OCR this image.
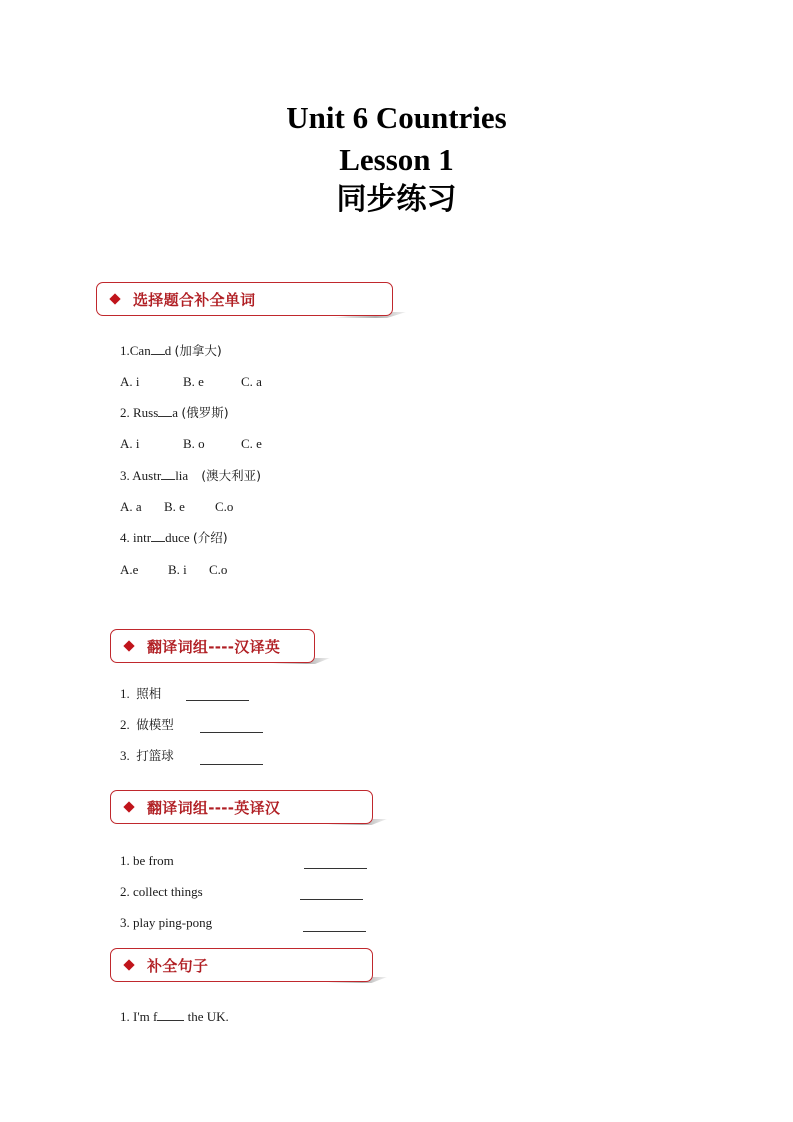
Unit 6 Countries
Lesson 1
同步练习
选择题合补全单词
1.Can d (加拿大)
A. i	B. e	C. a
2. Russ a (俄罗斯)
A. i	B. o	C. e
3. Austr lia (澳大利亚)
A. a B. e C.o
4. intr duce (介绍)
A.e B. i C.o
翻译词组----汉译英
1. 照相
2. 做模型
3. 打篮球
翻译词组----英译汉
1. be from
2. collect things
3. play ping-pong
补全句子
1. I'm f the UK.
